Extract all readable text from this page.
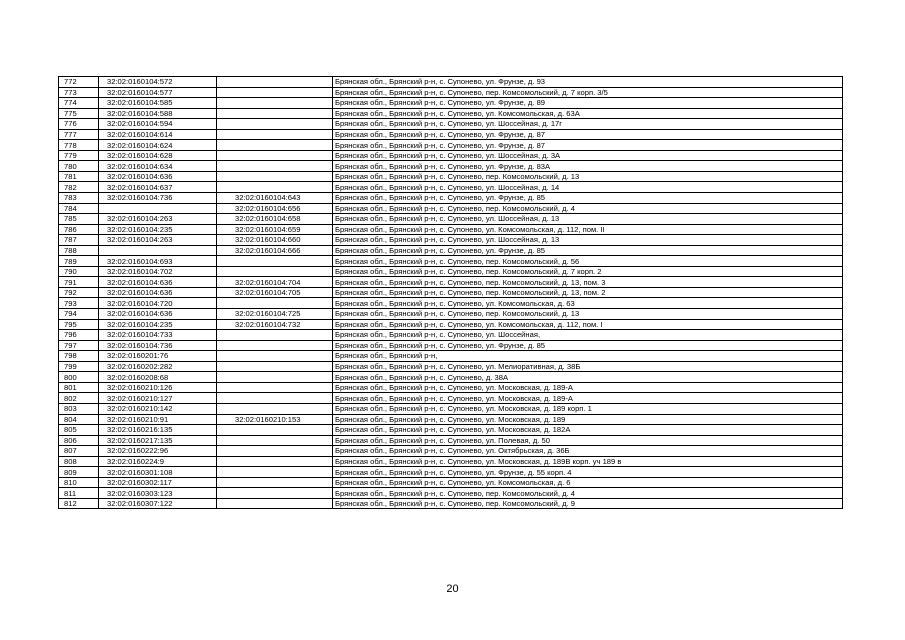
772	32:02:0160104:572		Брянская обл., Брянский р-н, с. Супонево, ул. Фрунзе, д. 93
773	32:02:0160104:577		Брянская обл., Брянский р-н, с. Супонево, пер. Комсомольский, д. 7 корп. 3/5
774	32:02:0160104:585		Брянская обл., Брянский р-н, с. Супонево, ул. Фрунзе, д. 89
775	32:02:0160104:588		Брянская обл., Брянский р-н, с. Супонево, ул. Комсомольская, д. 63А
776	32:02:0160104:594		Брянская обл., Брянский р-н, с. Супонево, ул. Шоссейная, д. 17г
777	32:02:0160104:614		Брянская обл., Брянский р-н, с. Супонево, ул. Фрунзе, д. 87
778	32:02:0160104:624		Брянская обл., Брянский р-н, с. Супонево, ул. Фрунзе, д. 87
779	32:02:0160104:628		Брянская обл., Брянский р-н, с. Супонево, ул. Шоссейная, д. 3А
780	32:02:0160104:634		Брянская обл., Брянский р-н, с. Супонево, ул. Фрунзе, д. 83А
781	32:02:0160104:636		Брянская обл., Брянский р-н, с. Супонево, пер. Комсомольский, д. 13
782	32:02:0160104:637		Брянская обл., Брянский р-н, с. Супонево, ул. Шоссейная, д. 14
783	32:02:0160104:736	32:02:0160104:643	Брянская обл., Брянский р-н, с. Супонево, ул. Фрунзе, д. 85
784		32:02:0160104:656	Брянская обл., Брянский р-н, с. Супонево, пер. Комсомольский, д. 4
785	32:02:0160104:263	32:02:0160104:658	Брянская обл., Брянский р-н, с. Супонево, ул. Шоссейная, д. 13
786	32:02:0160104:235	32:02:0160104:659	Брянская обл., Брянский р-н, с. Супонево, ул. Комсомольская, д. 112, пом. II
787	32:02:0160104:263	32:02:0160104:660	Брянская обл., Брянский р-н, с. Супонево, ул. Шоссейная, д. 13
788		32:02:0160104:666	Брянская обл., Брянский р-н, с. Супонево, ул. Фрунзе, д. 85
789	32:02:0160104:693		Брянская обл., Брянский р-н, с. Супонево, пер. Комсомольский, д. 56
790	32:02:0160104:702		Брянская обл., Брянский р-н, с. Супонево, пер. Комсомольский, д. 7 корп. 2
791	32:02:0160104:636	32:02:0160104:704	Брянская обл., Брянский р-н, с. Супонево, пер. Комсомольский, д. 13, пом. 3
792	32:02:0160104:636	32:02:0160104:705	Брянская обл., Брянский р-н, с. Супонево, пер. Комсомольский, д. 13, пом. 2
793	32:02:0160104:720		Брянская обл., Брянский р-н, с. Супонево, ул. Комсомольская, д. 63
794	32:02:0160104:636	32:02:0160104:725	Брянская обл., Брянский р-н, с. Супонево, пер. Комсомольский, д. 13
795	32:02:0160104:235	32:02:0160104:732	Брянская обл., Брянский р-н, с. Супонево, ул. Комсомольская, д. 112, пом. I
796	32:02:0160104:733		Брянская обл., Брянский р-н, с. Супонево, ул. Шоссейная,
797	32:02:0160104:736		Брянская обл., Брянский р-н, с. Супонево, ул. Фрунзе, д. 85
798	32:02:0160201:76		Брянская обл., Брянский р-н,
799	32:02:0160202:282		Брянская обл., Брянский р-н, с. Супонево, ул. Мелиоративная, д. 38Б
800	32:02:0160208:68		Брянская обл., Брянский р-н, с. Супонево, д. 38А
801	32:02:0160210:126		Брянская обл., Брянский р-н, с. Супонево, ул. Московская, д. 189-А
802	32:02:0160210:127		Брянская обл., Брянский р-н, с. Супонево, ул. Московская, д. 189-А
803	32:02:0160210:142		Брянская обл., Брянский р-н, с. Супонево, ул. Московская, д. 189 корп. 1
804	32:02:0160210:91	32:02:0160210:153	Брянская обл., Брянский р-н, с. Супонево, ул. Московская, д. 189
805	32:02:0160216:135		Брянская обл., Брянский р-н, с. Супонево, ул. Московская, д. 182А
806	32:02:0160217:135		Брянская обл., Брянский р-н, с. Супонево, ул. Полевая, д. 50
807	32:02:0160222:96		Брянская обл., Брянский р-н, с. Супонево, ул. Октябрьская, д. 36Б
808	32:02:0160224:9		Брянская обл., Брянский р-н, с. Супонево, ул. Московская, д. 189В корп. уч 189 в
809	32:02:0160301:108		Брянская обл., Брянский р-н, с. Супонево, ул. Фрунзе, д. 55 корп. 4
810	32:02:0160302:117		Брянская обл., Брянский р-н, с. Супонево, ул. Комсомольская, д. 6
811	32:02:0160303:123		Брянская обл., Брянский р-н, с. Супонево, пер. Комсомольский, д. 4
812	32:02:0160307:122		Брянская обл., Брянский р-н, с. Супонево, пер. Комсомольский, д. 9
20
